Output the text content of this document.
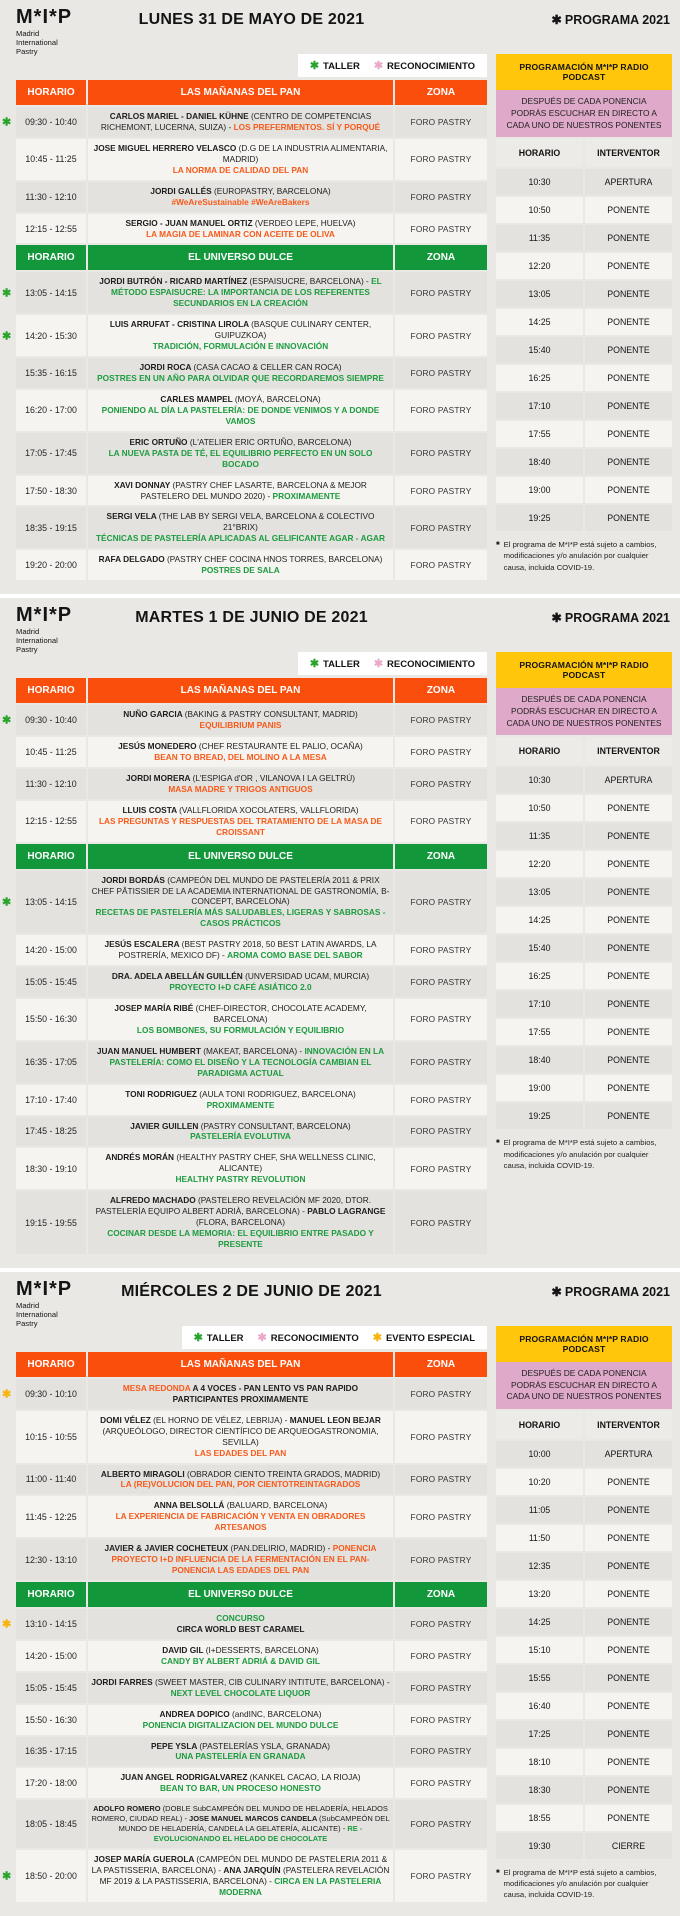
M*I*P
Madrid
International
Pastry
LUNES 31 DE MAYO DE 2021	✱ PROGRAMA 2021
✱ TALLER ✱ RECONOCIMIENTO
HORARIO	LAS MAÑANAS DEL PAN	ZONA
✱	09:30 - 10:40
CARLOS MARIEL - DANIEL KÜHNE (CENTRO DE COMPETENCIAS RICHEMONT, LUCERNA, SUIZA) - LOS PREFERMENTOS. SÍ Y PORQUÉ	FORO PASTRY
10:45 - 11:25
JOSE MIGUEL HERRERO VELASCO (D.G DE LA INDUSTRIA ALIMENTARIA, MADRID)
LA NORMA DE CALIDAD DEL PAN
FORO PASTRY
11:30 - 12:10
JORDI GALLÉS (EUROPASTRY, BARCELONA)
#WeAreSustainable #WeAreBakers	FORO PASTRY
12:15 - 12:55
SERGIO - JUAN MANUEL ORTIZ (VERDEO LEPE, HUELVA)
LA MAGIA DE LAMINAR CON ACEITE DE OLIVA	FORO PASTRY
HORARIO	EL UNIVERSO DULCE	ZONA
✱	13:05 - 14:15
JORDI BUTRÓN - RICARD MARTÍNEZ (ESPAISUCRE, BARCELONA) - EL MÉTODO ESPAISUCRE: LA IMPORTANCIA DE LOS REFERENTES SECUNDARIOS EN LA CREACIÓN
FORO PASTRY
✱	14:20 - 15:30
LUIS ARRUFAT - CRISTINA LIROLA (BASQUE CULINARY CENTER, GUIPUZKOA)
TRADICIÓN, FORMULACIÓN E INNOVACIÓN
FORO PASTRY
15:35 - 16:15
JORDI ROCA (CASA CACAO & CELLER CAN ROCA)
POSTRES EN UN AÑO PARA OLVIDAR QUE RECORDAREMOS SIEMPRE	FORO PASTRY
16:20 - 17:00
CARLES MAMPEL (MOYÁ, BARCELONA)
PONIENDO AL DÍA LA PASTELERÍA: DE DONDE VENIMOS Y A DONDE VAMOS
FORO PASTRY
17:05 - 17:45
ERIC ORTUÑO (L'ATELIER ERIC ORTUÑO, BARCELONA)
LA NUEVA PASTA DE TÉ, EL EQUILIBRIO PERFECTO EN UN SOLO BOCADO
FORO PASTRY
17:50 - 18:30
XAVI DONNAY (PASTRY CHEF LASARTE, BARCELONA & MEJOR PASTELERO DEL MUNDO 2020) - PROXIMAMENTE	FORO PASTRY
18:35 - 19:15
SERGI VELA (THE LAB BY SERGI VELA, BARCELONA & COLECTIVO 21°BRIX)
TÉCNICAS DE PASTELERÍA APLICADAS AL GELIFICANTE AGAR - AGAR
FORO PASTRY
19:20 - 20:00
RAFA DELGADO (PASTRY CHEF COCINA HNOS TORRES, BARCELONA)
POSTRES DE SALA	FORO PASTRY
PROGRAMACIÓN M*I*P RADIO PODCAST
DESPUÉS DE CADA PONENCIA PODRÁS ESCUCHAR EN DIRECTO A CADA UNO DE NUESTROS PONENTES
HORARIO	INTERVENTOR
10:30	APERTURA
10:50	PONENTE
11:35	PONENTE
12:20	PONENTE
13:05	PONENTE
14:25	PONENTE
15:40	PONENTE
16:25	PONENTE
17:10	PONENTE
17:55	PONENTE
18:40	PONENTE
19:00	PONENTE
19:25	PONENTE
■ El programa de M*I*P está sujeto a cambios, modificaciones y/o anulación por cualquier causa, incluida COVID-19.
M*I*P
Madrid
International
Pastry
MARTES 1 DE JUNIO DE 2021	✱ PROGRAMA 2021
✱ TALLER ✱ RECONOCIMIENTO
HORARIO	LAS MAÑANAS DEL PAN	ZONA
✱	09:30 - 10:40
NUÑO GARCIA (BAKING & PASTRY CONSULTANT, MADRID)
EQUILIBRIUM PANIS	FORO PASTRY
10:45 - 11:25
JESÚS MONEDERO (CHEF RESTAURANTE EL PALIO, OCAÑA)
BEAN TO BREAD, DEL MOLINO A LA MESA	FORO PASTRY
11:30 - 12:10
JORDI MORERA (L'ESPIGA d'OR , VILANOVA I LA GELTRÚ)
MASA MADRE Y TRIGOS ANTIGUOS	FORO PASTRY
12:15 - 12:55
LLUIS COSTA (VALLFLORIDA XOCOLATERS, VALLFLORIDA)
LAS PREGUNTAS Y RESPUESTAS DEL TRATAMIENTO DE LA MASA DE CROISSANT
FORO PASTRY
HORARIO	EL UNIVERSO DULCE	ZONA
✱	13:05 - 14:15
JORDI BORDÁS (CAMPEÓN DEL MUNDO DE PASTELERÍA 2011 & PRIX CHEF PÂTISSIER DE LA ACADEMIA INTERNATIONAL DE GASTRONOMÍA, B-CONCEPT, BARCELONA)
RECETAS DE PASTELERÍA MÁS SALUDABLES, LIGERAS Y SABROSAS - CASOS PRÁCTICOS
FORO PASTRY
14:20 - 15:00
JESÚS ESCALERA (BEST PASTRY 2018, 50 BEST LATIN AWARDS, LA POSTRERÍA, MEXICO DF) - AROMA COMO BASE DEL SABOR	FORO PASTRY
15:05 - 15:45
DRA. ADELA ABELLÁN GUILLÉN (UNVERSIDAD UCAM, MURCIA)
PROYECTO I+D CAFÉ ASIÁTICO 2.0	FORO PASTRY
15:50 - 16:30
JOSEP MARÍA RIBÉ (CHEF-DIRECTOR, CHOCOLATE ACADEMY, BARCELONA)
LOS BOMBONES, SU FORMULACIÓN Y EQUILIBRIO
FORO PASTRY
16:35 - 17:05
JUAN MANUEL HUMBERT (MAKEAT, BARCELONA) - INNOVACIÓN EN LA PASTELERÍA: COMO EL DISEÑO Y LA TECNOLOGÍA CAMBIAN EL PARADIGMA ACTUAL
FORO PASTRY
17:10 - 17:40
TONI RODRIGUEZ (AULA TONI RODRIGUEZ, BARCELONA)
PROXIMAMENTE	FORO PASTRY
17:45 - 18:25
JAVIER GUILLEN (PASTRY CONSULTANT, BARCELONA)
PASTELERÍA EVOLUTIVA	FORO PASTRY
18:30 - 19:10
ANDRÉS MORÁN (HEALTHY PASTRY CHEF, SHA WELLNESS CLINIC, ALICANTE)
HEALTHY PASTRY REVOLUTION
FORO PASTRY
19:15 - 19:55
ALFREDO MACHADO (PASTELERO REVELACIÓN MF 2020, DTOR. PASTELERÍA EQUIPO ALBERT ADRIÀ, BARCELONA) - PABLO LAGRANGE (FLORA, BARCELONA)
COCINAR DESDE LA MEMORIA: EL EQUILIBRIO ENTRE PASADO Y PRESENTE
FORO PASTRY
PROGRAMACIÓN M*I*P RADIO PODCAST
DESPUÉS DE CADA PONENCIA PODRÁS ESCUCHAR EN DIRECTO A CADA UNO DE NUESTROS PONENTES
HORARIO	INTERVENTOR
10:30	APERTURA
10:50	PONENTE
11:35	PONENTE
12:20	PONENTE
13:05	PONENTE
14:25	PONENTE
15:40	PONENTE
16:25	PONENTE
17:10	PONENTE
17:55	PONENTE
18:40	PONENTE
19:00	PONENTE
19:25	PONENTE
■ El programa de M*I*P está sujeto a cambios, modificaciones y/o anulación por cualquier causa, incluida COVID-19.
M*I*P
Madrid
International
Pastry
MIÉRCOLES 2 DE JUNIO DE 2021	✱ PROGRAMA 2021
✱ TALLER ✱ RECONOCIMIENTO ✱ EVENTO ESPECIAL
HORARIO	LAS MAÑANAS DEL PAN	ZONA
✱	09:30 - 10:10
MESA REDONDA A 4 VOCES - PAN LENTO VS PAN RAPIDO
PARTICIPANTES PROXIMAMENTE	FORO PASTRY
10:15 - 10:55
DOMI VÉLEZ (EL HORNO DE VÉLEZ, LEBRIJA) - MANUEL LEON BEJAR
(ARQUEÓLOGO, DIRECTOR CIENTÍFICO DE ARQUEOGASTRONOMIA, SEVILLA)
LAS EDADES DEL PAN
FORO PASTRY
11:00 - 11:40
ALBERTO MIRAGOLI (OBRADOR CIENTO TREINTA GRADOS, MADRID)
LA (RE)VOLUCION DEL PAN, POR CIENTOTREINTAGRADOS	FORO PASTRY
11:45 - 12:25
ANNA BELSOLLÁ (BALUARD, BARCELONA)
LA EXPERIENCIA DE FABRICACIÓN Y VENTA EN OBRADORES ARTESANOS
FORO PASTRY
12:30 - 13:10
JAVIER & JAVIER COCHETEUX (PAN.DELIRIO, MADRID) - PONENCIA PROYECTO I+D INFLUENCIA DE LA FERMENTACIÓN EN EL PAN- PONENCIA LAS EDADES DEL PAN
FORO PASTRY
HORARIO	EL UNIVERSO DULCE	ZONA
✱	13:10 - 14:15
CONCURSO
CIRCA WORLD BEST CARAMEL	FORO PASTRY
14:20 - 15:00
DAVID GIL (I+DESSERTS, BARCELONA)
CANDY BY ALBERT ADRIÁ & DAVID GIL	FORO PASTRY
15:05 - 15:45
JORDI FARRES (SWEET MASTER, CIB CULINARY INTITUTE, BARCELONA) -
NEXT LEVEL CHOCOLATE LIQUOR	FORO PASTRY
15:50 - 16:30
ANDREA DOPICO (andINC, BARCELONA)
PONENCIA DIGITALIZACION DEL MUNDO DULCE	FORO PASTRY
16:35 - 17:15
PEPE YSLA (PASTELERÍAS YSLA, GRANADA)
UNA PASTELERÍA EN GRANADA	FORO PASTRY
17:20 - 18:00
JUAN ANGEL RODRIGALVAREZ (KANKEL CACAO, LA RIOJA)
BEAN TO BAR, UN PROCESO HONESTO	FORO PASTRY
18:05 - 18:45
ADOLFO ROMERO (DOBLE SubCAMPEÓN DEL MUNDO DE HELADERÍA, HELADOS ROMERO, CIUDAD REAL) - JOSE MANUEL MARCOS CANDELA (SubCAMPEÓN DEL MUNDO DE HELADERÍA, CANDELA LA GELATERÍA, ALICANTE) - RE - EVOLUCIONANDO EL HELADO DE CHOCOLATE
FORO PASTRY
✱	18:50 - 20:00
JOSEP MARÍA GUEROLA (CAMPEÓN DEL MUNDO DE PASTELERIA 2011 & LA PASTISSERIA, BARCELONA) - ANA JARQUÍN (PASTELERA REVELACIÓN MF 2019 & LA PASTISSERIA, BARCELONA) - CIRCA EN LA PASTELERIA MODERNA
FORO PASTRY
PROGRAMACIÓN M*I*P RADIO PODCAST
DESPUÉS DE CADA PONENCIA PODRÁS ESCUCHAR EN DIRECTO A CADA UNO DE NUESTROS PONENTES
HORARIO	INTERVENTOR
10:00	APERTURA
10:20	PONENTE
11:05	PONENTE
11:50	PONENTE
12:35	PONENTE
13:20	PONENTE
14:25	PONENTE
15:10	PONENTE
15:55	PONENTE
16:40	PONENTE
17:25	PONENTE
18:10	PONENTE
18:30	PONENTE
18:55	PONENTE
19:30	CIERRE
■ El programa de M*I*P está sujeto a cambios, modificaciones y/o anulación por cualquier causa, incluida COVID-19.
